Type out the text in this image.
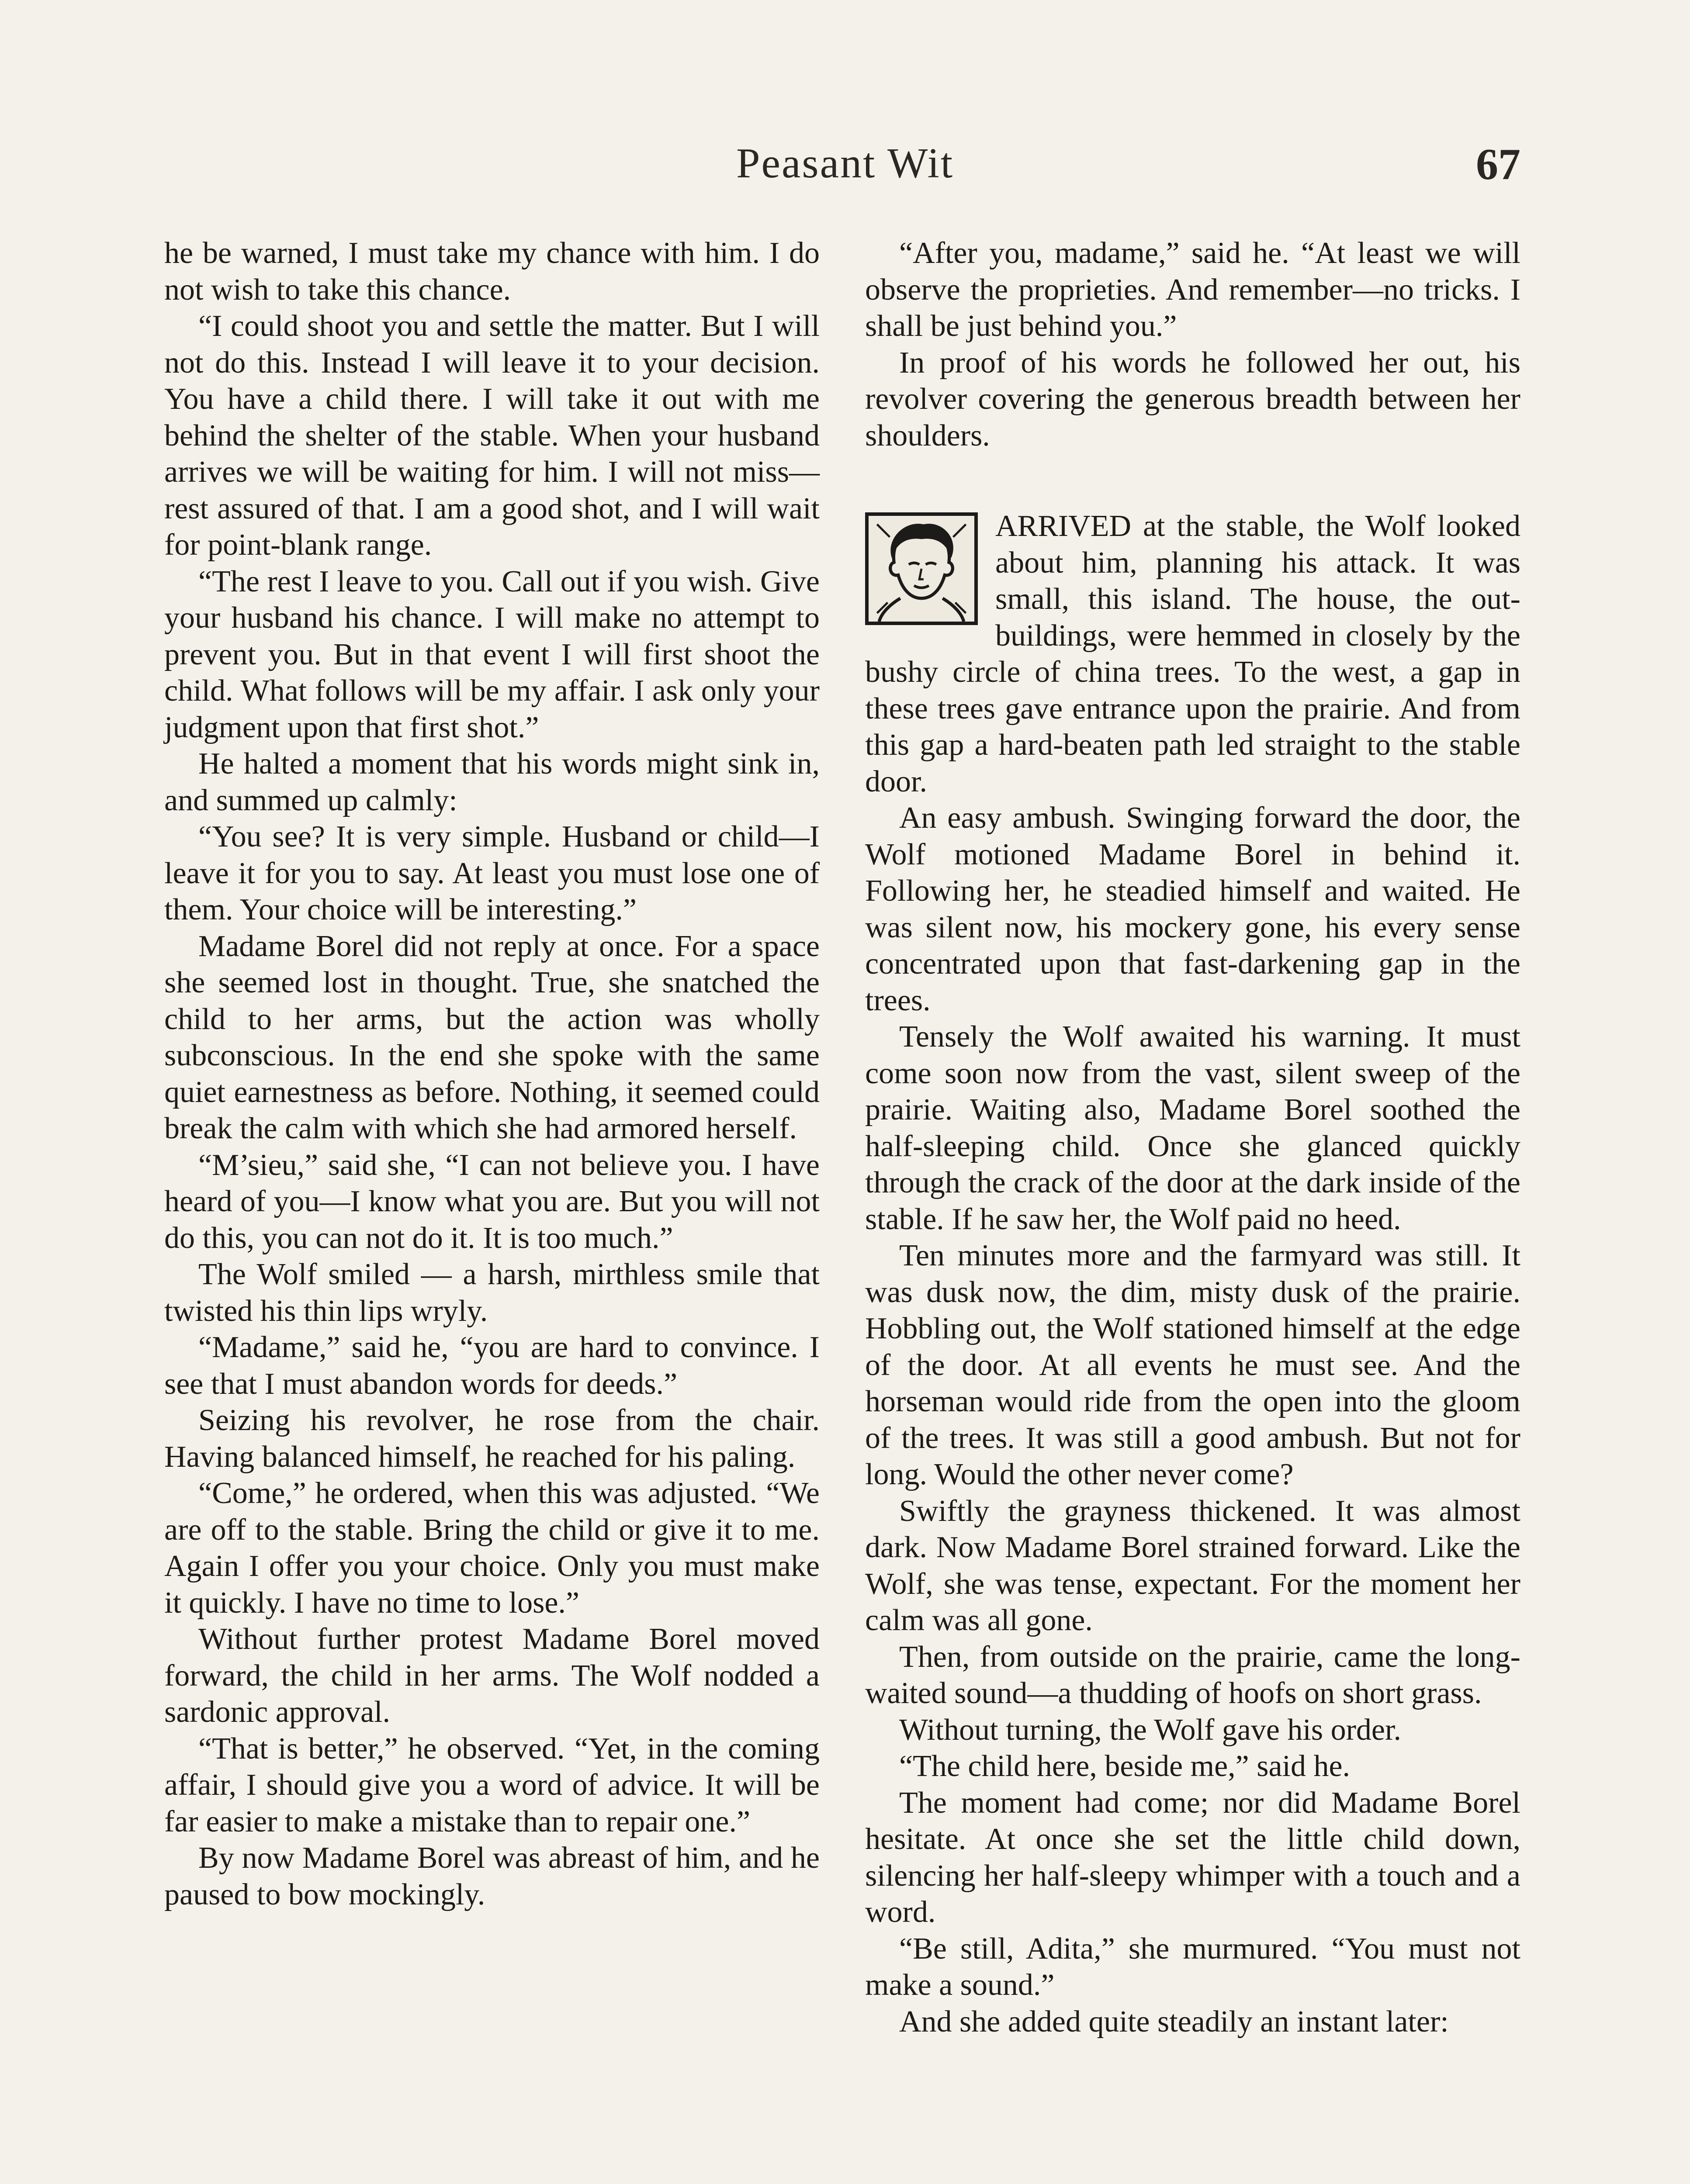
Peasant Wit	67

he be warned, I must take my chance with him. I do not wish to take this chance.

“I could shoot you and settle the matter. But I will not do this. Instead I will leave it to your decision. You have a child there. I will take it out with me behind the shelter of the stable. When your husband arrives we will be waiting for him. I will not miss—rest assured of that. I am a good shot, and I will wait for point-blank range.

“The rest I leave to you. Call out if you wish. Give your husband his chance. I will make no attempt to prevent you. But in that event I will first shoot the child. What follows will be my affair. I ask only your judgment upon that first shot.”

He halted a moment that his words might sink in, and summed up calmly:

“You see? It is very simple. Husband or child—I leave it for you to say. At least you must lose one of them. Your choice will be interesting.”

Madame Borel did not reply at once. For a space she seemed lost in thought. True, she snatched the child to her arms, but the action was wholly subconscious. In the end she spoke with the same quiet earnestness as before. Nothing, it seemed could break the calm with which she had armored herself.

“M’sieu,” said she, “I can not believe you. I have heard of you—I know what you are. But you will not do this, you can not do it. It is too much.”

The Wolf smiled — a harsh, mirthless smile that twisted his thin lips wryly.

“Madame,” said he, “you are hard to convince. I see that I must abandon words for deeds.”

Seizing his revolver, he rose from the chair. Having balanced himself, he reached for his paling.

“Come,” he ordered, when this was adjusted. “We are off to the stable. Bring the child or give it to me. Again I offer you your choice. Only you must make it quickly. I have no time to lose.”

Without further protest Madame Borel moved forward, the child in her arms. The Wolf nodded a sardonic approval.

“That is better,” he observed. “Yet, in the coming affair, I should give you a word of advice. It will be far easier to make a mistake than to repair one.”

By now Madame Borel was abreast of him, and he paused to bow mockingly.

“After you, madame,” said he. “At least we will observe the proprieties. And remember—no tricks. I shall be just behind you.”

In proof of his words he followed her out, his revolver covering the generous breadth between her shoulders.

ARRIVED at the stable, the Wolf looked about him, planning his attack. It was small, this island. The house, the out-buildings, were hemmed in closely by the bushy circle of china trees. To the west, a gap in these trees gave entrance upon the prairie. And from this gap a hard-beaten path led straight to the stable door.

An easy ambush. Swinging forward the door, the Wolf motioned Madame Borel in behind it. Following her, he steadied himself and waited. He was silent now, his mockery gone, his every sense concentrated upon that fast-darkening gap in the trees.

Tensely the Wolf awaited his warning. It must come soon now from the vast, silent sweep of the prairie. Waiting also, Madame Borel soothed the half-sleeping child. Once she glanced quickly through the crack of the door at the dark inside of the stable. If he saw her, the Wolf paid no heed.

Ten minutes more and the farmyard was still. It was dusk now, the dim, misty dusk of the prairie. Hobbling out, the Wolf stationed himself at the edge of the door. At all events he must see. And the horseman would ride from the open into the gloom of the trees. It was still a good ambush. But not for long. Would the other never come?

Swiftly the grayness thickened. It was almost dark. Now Madame Borel strained forward. Like the Wolf, she was tense, expectant. For the moment her calm was all gone.

Then, from outside on the prairie, came the long-waited sound—a thudding of hoofs on short grass.

Without turning, the Wolf gave his order.

“The child here, beside me,” said he.

The moment had come; nor did Madame Borel hesitate. At once she set the little child down, silencing her half-sleepy whimper with a touch and a word.

“Be still, Adita,” she murmured. “You must not make a sound.”

And she added quite steadily an instant later:
